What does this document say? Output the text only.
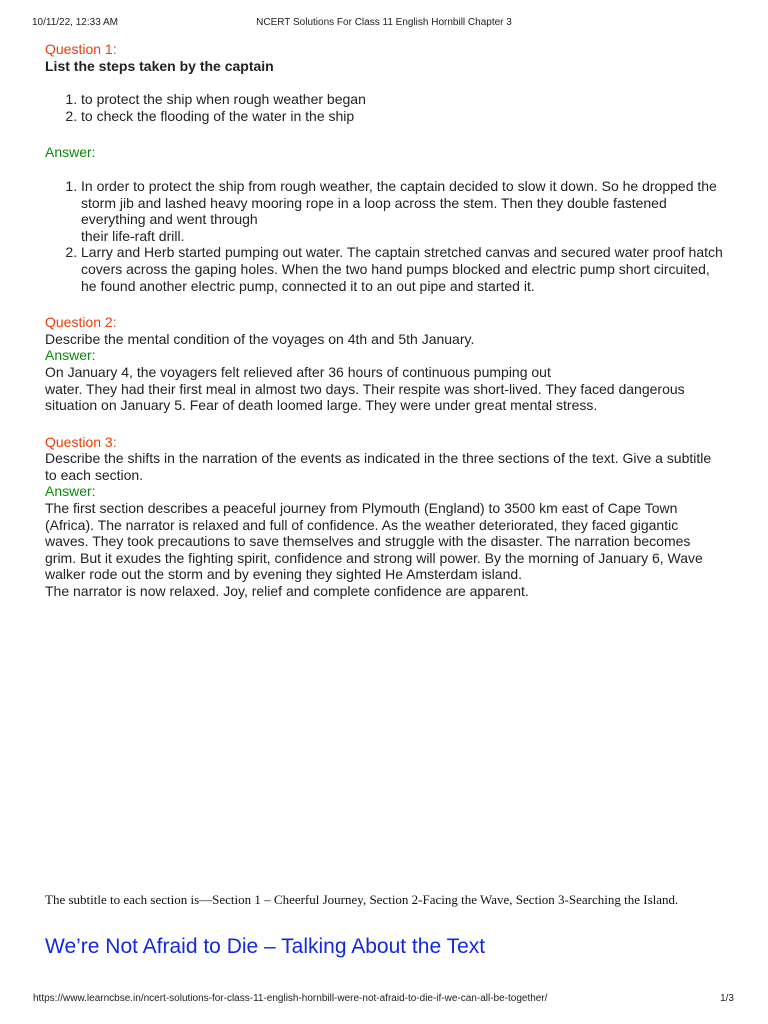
10/11/22, 12:33 AM	NCERT Solutions For Class 11 English Hornbill Chapter 3
Question 1:
List the steps taken by the captain
1. to protect the ship when rough weather began
2. to check the flooding of the water in the ship
Answer:
1. In order to protect the ship from rough weather, the captain decided to slow it down. So he dropped the storm jib and lashed heavy mooring rope in a loop across the stem. Then they double fastened everything and went through
their life-raft drill.
2. Larry and Herb started pumping out water. The captain stretched canvas and secured water proof hatch covers across the gaping holes. When the two hand pumps blocked and electric pump short circuited, he found another electric pump, connected it to an out pipe and started it.
Question 2:
Describe the mental condition of the voyages on 4th and 5th January.
Answer:
On January 4, the voyagers felt relieved after 36 hours of continuous pumping out
water. They had their first meal in almost two days. Their respite was short-lived. They faced dangerous situation on January 5. Fear of death loomed large. They were under great mental stress.
Question 3:
Describe the shifts in the narration of the events as indicated in the three sections of the text. Give a subtitle to each section.
Answer:
The first section describes a peaceful journey from Plymouth (England) to 3500 km east of Cape Town (Africa). The narrator is relaxed and full of confidence. As the weather deteriorated, they faced gigantic waves. They took precautions to save themselves and struggle with the disaster. The narration becomes grim. But it exudes the fighting spirit, confidence and strong will power. By the morning of January 6, Wave walker rode out the storm and by evening they sighted He Amsterdam island.
The narrator is now relaxed. Joy, relief and complete confidence are apparent.
The subtitle to each section is—Section 1 – Cheerful Journey, Section 2-Facing the Wave, Section 3-Searching the Island.
We’re Not Afraid to Die – Talking About the Text
https://www.learncbse.in/ncert-solutions-for-class-11-english-hornbill-were-not-afraid-to-die-if-we-can-all-be-together/	1/3
